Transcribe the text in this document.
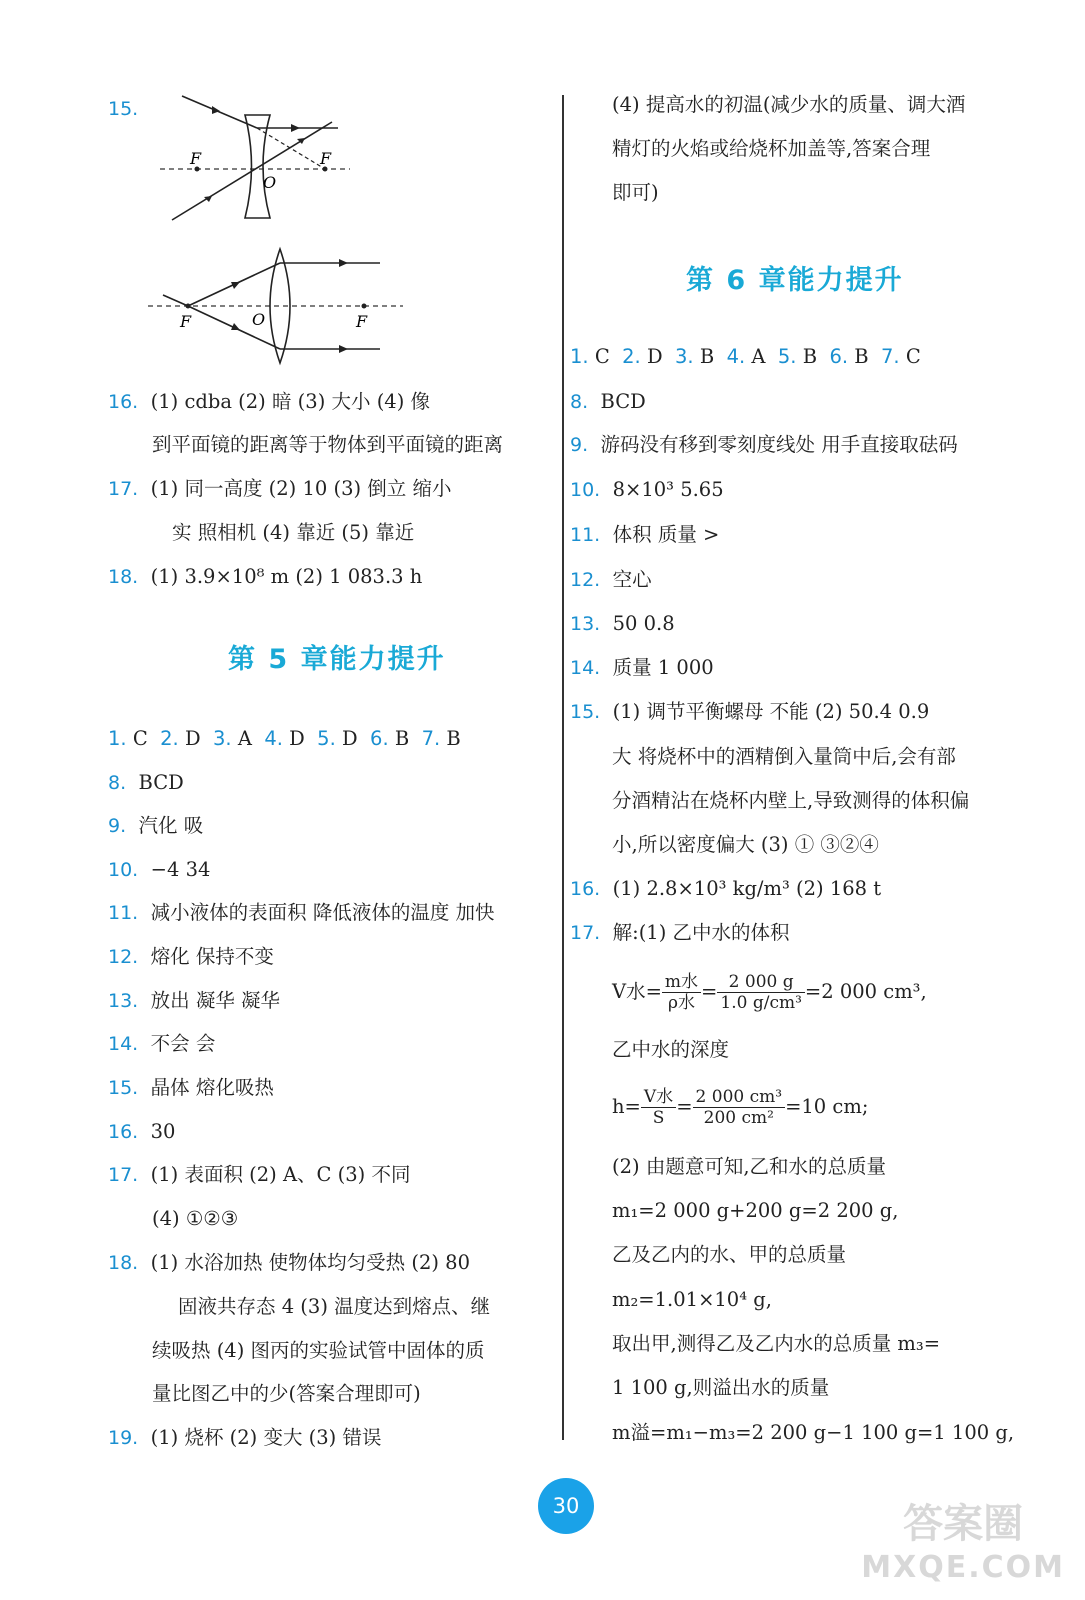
15.
F	F
O
F	F
O
16. (1) cdba (2) 暗 (3) 大小 (4) 像
到平面镜的距离等于物体到平面镜的距离
17. (1) 同一高度 (2) 10 (3) 倒立 缩小
实 照相机 (4) 靠近 (5) 靠近
18. (1) 3.9×10⁸ m (2) 1 083.3 h
第 5 章能力提升
1. C 2. D 3. A 4. D 5. D 6. B 7. B
8. BCD
9. 汽化 吸
10. −4 34
11. 减小液体的表面积 降低液体的温度 加快
12. 熔化 保持不变
13. 放出 凝华 凝华
14. 不会 会
15. 晶体 熔化吸热
16. 30
17. (1) 表面积 (2) A、C (3) 不同
(4) ①②③
18. (1) 水浴加热 使物体均匀受热 (2) 80
固液共存态 4 (3) 温度达到熔点、继
续吸热 (4) 图丙的实验试管中固体的质
量比图乙中的少(答案合理即可)
19. (1) 烧杯 (2) 变大 (3) 错误
(4) 提高水的初温(减少水的质量、调大酒
精灯的火焰或给烧杯加盖等,答案合理
即可)
第 6 章能力提升
1. C 2. D 3. B 4. A 5. B 6. B 7. C
8. BCD
9. 游码没有移到零刻度线处 用手直接取砝码
10. 8×10³ 5.65
11. 体积 质量 >
12. 空心
13. 50 0.8
14. 质量 1 000
15. (1) 调节平衡螺母 不能 (2) 50.4 0.9
大 将烧杯中的酒精倒入量筒中后,会有部
分酒精沾在烧杯内壁上,导致测得的体积偏
小,所以密度偏大 (3) ① ③②④
16. (1) 2.8×10³ kg/m³ (2) 168 t
17. 解:(1) 乙中水的体积
V水= $\frac{\text{m水}}{\text{ρ水}} = \frac{2 000 g}{\text{1.0 g/cm³}} =2$ 000 cm³,
乙中水的深度
$h= \frac{\text{V水}}{S} = \frac{\text{2 000 cm³}}{\text{200 cm²}} =10$ cm;
(2) 由题意可知,乙和水的总质量
m₁=2 000 g+200 g=2 200 g,
乙及乙内的水、甲的总质量
m₂=1.01×10⁴ g,
取出甲,测得乙及乙内水的总质量 m₃=
1 100 g,则溢出水的质量
m溢=m₁−m₃=2 200 g−1 100 g=1 100 g,
30	答案圈
MXQE.COM
